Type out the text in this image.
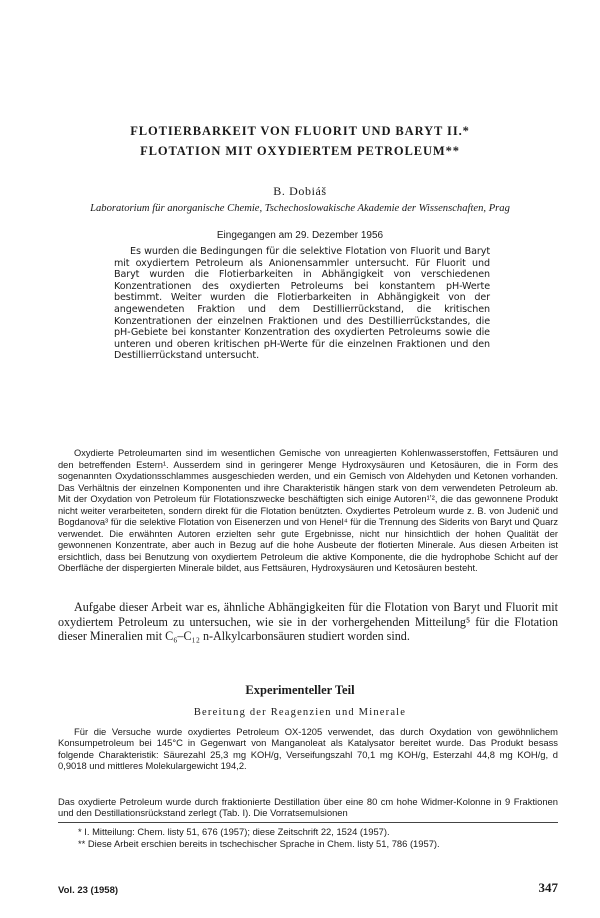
FLOTIERBARKEIT VON FLUORIT UND BARYT II.*
FLOTATION MIT OXYDIERTEM PETROLEUM**
B. Dobiáš
Laboratorium für anorganische Chemie, Tschechoslowakische Akademie der Wissenschaften, Prag
Eingegangen am 29. Dezember 1956

Es wurden die Bedingungen für die selektive Flotation von Fluorit und Baryt mit oxydiertem Petroleum als Anionensammler untersucht. Für Fluorit und Baryt wurden die Flotierbarkeiten in Abhängigkeit von verschiedenen Konzentrationen des oxydierten Petroleums bei konstantem pH-Werte bestimmt. Weiter wurden die Flotierbarkeiten in Abhängigkeit von der angewendeten Fraktion und dem Destillierrückstand, die kritischen Konzentrationen der einzelnen Fraktionen und des Destillierrückstandes, die pH-Gebiete bei konstanter Konzentration des oxydierten Petroleums sowie die unteren und oberen kritischen pH-Werte für die einzelnen Fraktionen und den Destillierrückstand untersucht.

Oxydierte Petroleumarten sind im wesentlichen Gemische von unreagierten Kohlenwasserstoffen, Fettsäuren und den betreffenden Estern¹. Ausserdem sind in geringerer Menge Hydroxysäuren und Ketosäuren, die in Form des sogenannten Oxydationsschlammes ausgeschieden werden, und ein Gemisch von Aldehyden und Ketonen vorhanden. Das Verhältnis der einzelnen Komponenten und ihre Charakteristik hängen stark von dem verwendeten Petroleum ab. Mit der Oxydation von Petroleum für Flotationszwecke beschäftigten sich einige Autoren¹ʼ², die das gewonnene Produkt nicht weiter verarbeiteten, sondern direkt für die Flotation benützten. Oxydiertes Petroleum wurde z. B. von Judenič und Bogdanova³ für die selektive Flotation von Eisenerzen und von Henel⁴ für die Trennung des Siderits von Baryt und Quarz verwendet. Die erwähnten Autoren erzielten sehr gute Ergebnisse, nicht nur hinsichtlich der hohen Qualität der gewonnenen Konzentrate, aber auch in Bezug auf die hohe Ausbeute der flotierten Minerale. Aus diesen Arbeiten ist ersichtlich, dass bei Benutzung von oxydiertem Petroleum die aktive Komponente, die die hydrophobe Schicht auf der Oberfläche der dispergierten Minerale bildet, aus Fettsäuren, Hydroxysäuren und Ketosäuren besteht.

Aufgabe dieser Arbeit war es, ähnliche Abhängigkeiten für die Flotation von Baryt und Fluorit mit oxydiertem Petroleum zu untersuchen, wie sie in der vorhergehenden Mitteilung⁵ für die Flotation dieser Mineralien mit C₆–C₁₂ n-Alkylcarbonsäuren studiert worden sind.

Experimenteller Teil
Bereitung der Reagenzien und Minerale

Für die Versuche wurde oxydiertes Petroleum OX-1205 verwendet, das durch Oxydation von gewöhnlichem Konsumpetroleum bei 145°C in Gegenwart von Manganoleat als Katalysator bereitet wurde. Das Produkt besass folgende Charakteristik: Säurezahl 25,3 mg KOH/g, Verseifungszahl 70,1 mg KOH/g, Esterzahl 44,8 mg KOH/g, d 0,9018 und mittleres Molekulargewicht 194,2.

Das oxydierte Petroleum wurde durch fraktionierte Destillation über eine 80 cm hohe Widmer-Kolonne in 9 Fraktionen und den Destillationsrückstand zerlegt (Tab. I). Die Vorratsemulsionen

* I. Mitteilung: Chem. listy 51, 676 (1957); diese Zeitschrift 22, 1524 (1957).

** Diese Arbeit erschien bereits in tschechischer Sprache in Chem. listy 51, 786 (1957).

Vol. 23 (1958)	347
